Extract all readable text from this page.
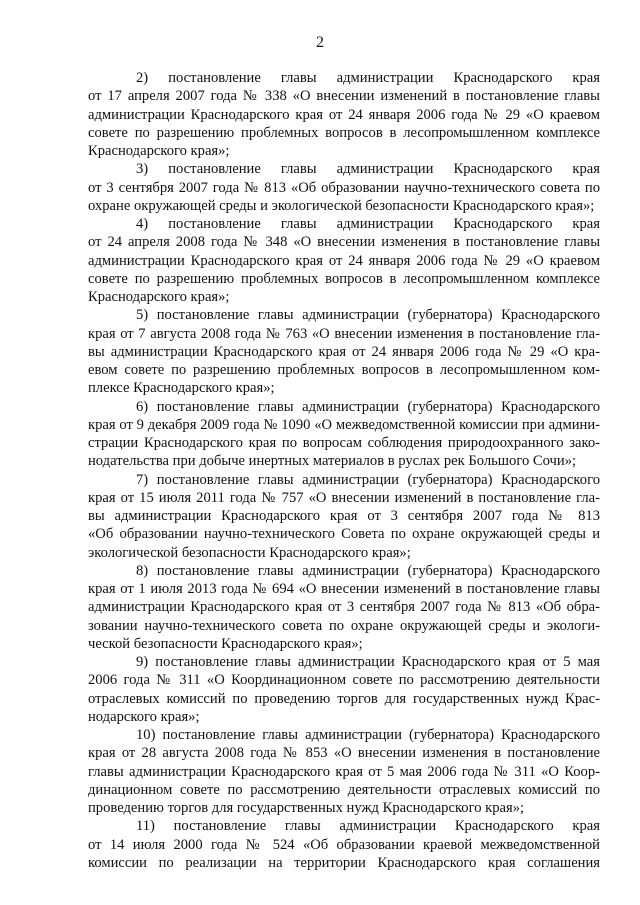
2
2) постановление главы администрации Краснодарского края
от 17 апреля 2007 года № 338 «О внесении изменений в постановление главы
администрации Краснодарского края от 24 января 2006 года № 29 «О краевом
совете по разрешению проблемных вопросов в лесопромышленном комплексе
Краснодарского края»;
3) постановление главы администрации Краснодарского края
от 3 сентября 2007 года № 813 «Об образовании научно-технического совета по
охране окружающей среды и экологической безопасности Краснодарского края»;
4) постановление главы администрации Краснодарского края
от 24 апреля 2008 года № 348 «О внесении изменения в постановление главы
администрации Краснодарского края от 24 января 2006 года № 29 «О краевом
совете по разрешению проблемных вопросов в лесопромышленном комплексе
Краснодарского края»;
5) постановление главы администрации (губернатора) Краснодарского
края от 7 августа 2008 года № 763 «О внесении изменения в постановление гла-
вы администрации Краснодарского края от 24 января 2006 года № 29 «О кра-
евом совете по разрешению проблемных вопросов в лесопромышленном ком-
плексе Краснодарского края»;
6) постановление главы администрации (губернатора) Краснодарского
края от 9 декабря 2009 года № 1090 «О межведомственной комиссии при админи-
страции Краснодарского края по вопросам соблюдения природоохранного зако-
нодательства при добыче инертных материалов в руслах рек Большого Сочи»;
7) постановление главы администрации (губернатора) Краснодарского
края от 15 июля 2011 года № 757 «О внесении изменений в постановление гла-
вы администрации Краснодарского края от 3 сентября 2007 года № 813
«Об образовании научно-технического Совета по охране окружающей среды и
экологической безопасности Краснодарского края»;
8) постановление главы администрации (губернатора) Краснодарского
края от 1 июля 2013 года № 694 «О внесении изменений в постановление главы
администрации Краснодарского края от 3 сентября 2007 года № 813 «Об обра-
зовании научно-технического совета по охране окружающей среды и экологи-
ческой безопасности Краснодарского края»;
9) постановление главы администрации Краснодарского края от 5 мая
2006 года № 311 «О Координационном совете по рассмотрению деятельности
отраслевых комиссий по проведению торгов для государственных нужд Крас-
нодарского края»;
10) постановление главы администрации (губернатора) Краснодарского
края от 28 августа 2008 года № 853 «О внесении изменения в постановление
главы администрации Краснодарского края от 5 мая 2006 года № 311 «О Коор-
динационном совете по рассмотрению деятельности отраслевых комиссий по
проведению торгов для государственных нужд Краснодарского края»;
11) постановление главы администрации Краснодарского края
от 14 июля 2000 года № 524 «Об образовании краевой межведомственной
комиссии по реализации на территории Краснодарского края соглашения
